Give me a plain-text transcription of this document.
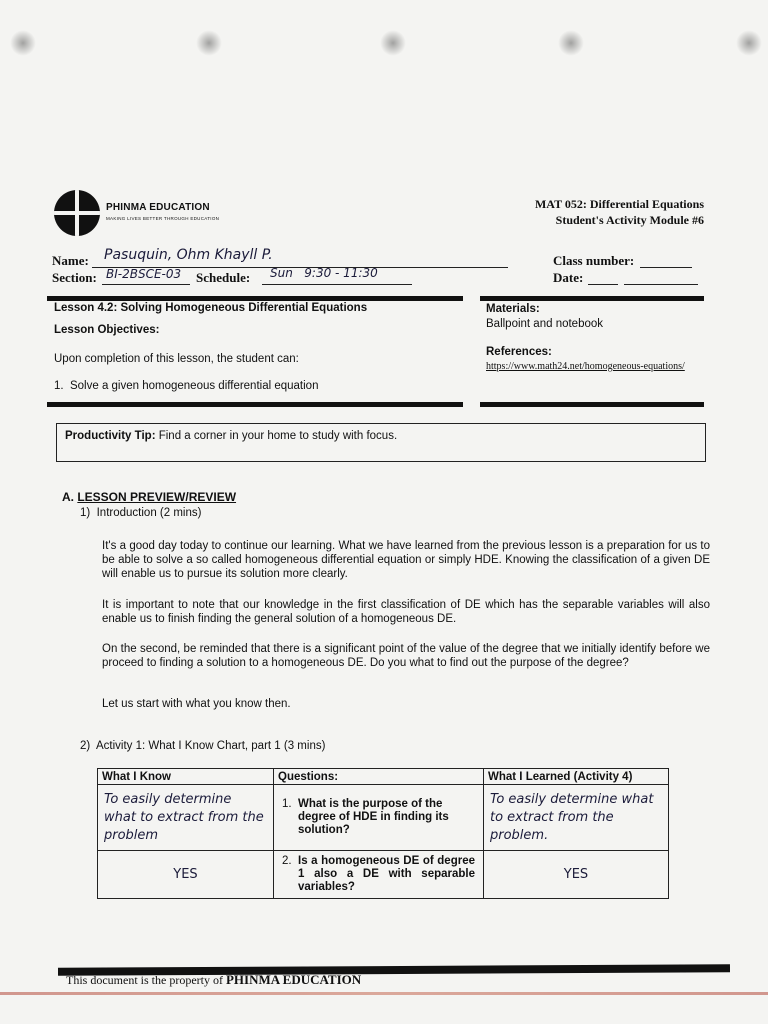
PHINMA EDUCATION
MAKING LIVES BETTER THROUGH EDUCATION
MAT 052: Differential Equations
Student's Activity Module #6
Name: Pasuquin, Ohm Khayll P.
Section: BI-2BSCE-03 Schedule: Sun   9:30 - 11:30
Class number:
Date:
Lesson 4.2: Solving Homogeneous Differential Equations
Lesson Objectives:
Upon completion of this lesson, the student can:
1.  Solve a given homogeneous differential equation
Materials:
Ballpoint and notebook
References:
https://www.math24.net/homogeneous-equations/
Productivity Tip: Find a corner in your home to study with focus.
A. LESSON PREVIEW/REVIEW
1)  Introduction (2 mins)
It's a good day today to continue our learning. What we have learned from the previous lesson is a preparation for us to be able to solve a so called homogeneous differential equation or simply HDE. Knowing the classification of a given DE will enable us to pursue its solution more clearly.
It is important to note that our knowledge in the first classification of DE which has the separable variables will also enable us to finish finding the general solution of a homogeneous DE.
On the second, be reminded that there is a significant point of the value of the degree that we initially identify before we proceed to finding a solution to a homogeneous DE. Do you what to find out the purpose of the degree?
Let us start with what you know then.
2)  Activity 1: What I Know Chart, part 1 (3 mins)
What I Know	Questions:	What I Learned (Activity 4)
To easily determine what to extract from the problem	1. What is the purpose of the degree of HDE in finding its solution?	To easily determine what to extract from the problem.
YES	2. Is a homogeneous DE of degree 1 also a DE with separable variables?	YES
This document is the property of PHINMA EDUCATION
